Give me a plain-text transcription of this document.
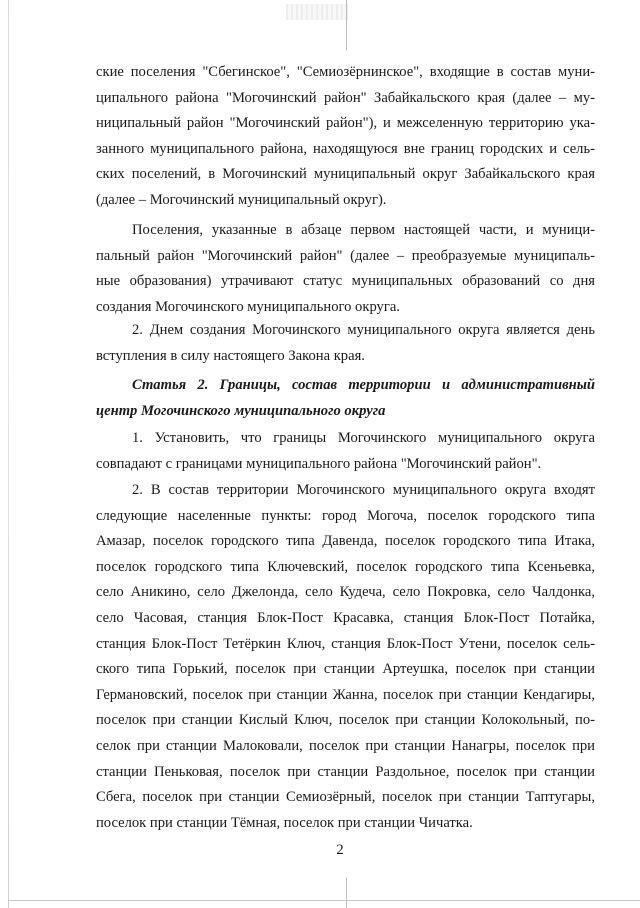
ские поселения "Сбегинское", "Семиозёрнинское", входящие в состав муни-
ципального района "Могочинский район" Забайкальского края (далее – му-
ниципальный район "Могочинский район"), и межселенную территорию ука-
занного муниципального района, находящуюся вне границ городских и сель-
ских поселений, в Могочинский муниципальный округ Забайкальского края
(далее – Могочинский муниципальный округ).

Поселения, указанные в абзаце первом настоящей части, и муници-
пальный район "Могочинский район" (далее – преобразуемые муниципаль-
ные образования) утрачивают статус муниципальных образований со дня
создания Могочинского муниципального округа.

2. Днем создания Могочинского муниципального округа является день
вступления в силу настоящего Закона края.

Статья 2. Границы, состав территории и административный
центр Могочинского муниципального округа

1. Установить, что границы Могочинского муниципального округа
совпадают с границами муниципального района "Могочинский район".

2. В состав территории Могочинского муниципального округа входят
следующие населенные пункты: город Могоча, поселок городского типа
Амазар, поселок городского типа Давенда, поселок городского типа Итака,
поселок городского типа Ключевский, поселок городского типа Ксеньевка,
село Аникино, село Джелонда, село Кудеча, село Покровка, село Чалдонка,
село Часовая, станция Блок-Пост Красавка, станция Блок-Пост Потайка,
станция Блок-Пост Тетёркин Ключ, станция Блок-Пост Утени, поселок сель-
ского типа Горький, поселок при станции Артеушка, поселок при станции
Германовский, поселок при станции Жанна, поселок при станции Кендагиры,
поселок при станции Кислый Ключ, поселок при станции Колокольный, по-
селок при станции Малоковали, поселок при станции Нанагры, поселок при
станции Пеньковая, поселок при станции Раздольное, поселок при станции
Сбега, поселок при станции Семиозёрный, поселок при станции Таптугары,
поселок при станции Тёмная, поселок при станции Чичатка.

2
